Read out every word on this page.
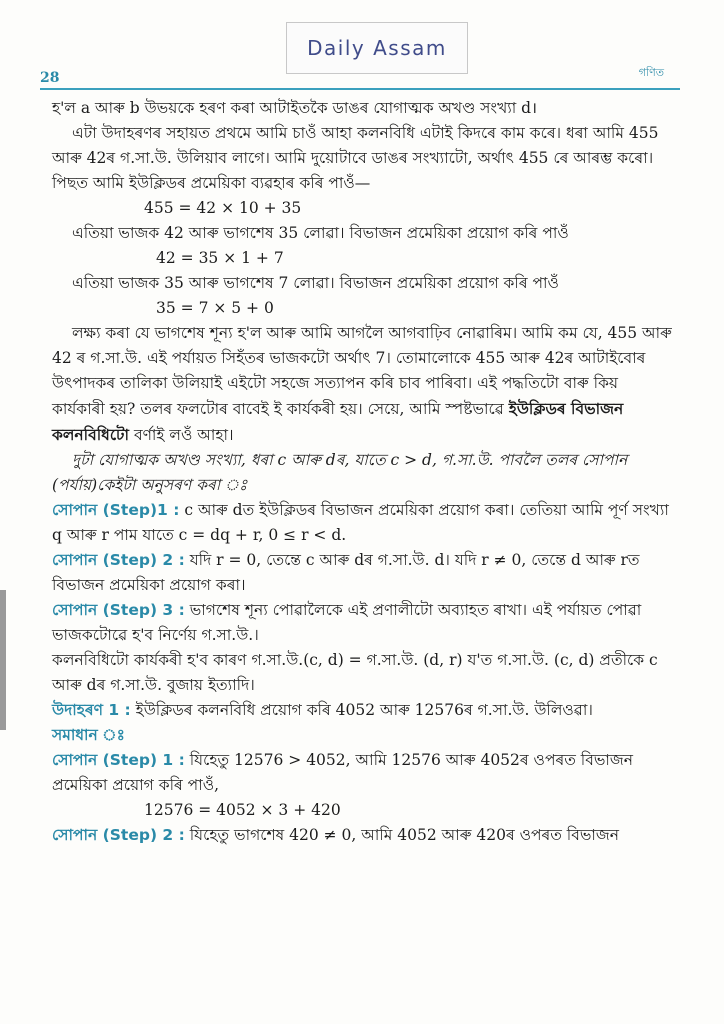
Daily Assam
28	গণিত

হ'ল a আৰু b উভয়কে হৰণ কৰা আটাইতকৈ ডাঙৰ যোগাত্মক অখণ্ড সংখ্যা d।

এটা উদাহৰণৰ সহায়ত প্ৰথমে আমি চাওঁ আহা কলনবিধি এটাই কিদৰে কাম কৰে। ধৰা আমি 455 আৰু 42ৰ গ.সা.উ. উলিয়াব লাগে। আমি দুয়োটাবে ডাঙৰ সংখ্যাটো, অৰ্থাৎ 455 ৰে আৰম্ভ কৰো। পিছত আমি ইউক্লিডৰ প্ৰমেয়িকা ব্যৱহাৰ কৰি পাওঁ—

455 = 42 × 10 + 35

এতিয়া ভাজক 42 আৰু ভাগশেষ 35 লোৱা। বিভাজন প্ৰমেয়িকা প্ৰয়োগ কৰি পাওঁ

42 = 35 × 1 + 7

এতিয়া ভাজক 35 আৰু ভাগশেষ 7 লোৱা। বিভাজন প্ৰমেয়িকা প্ৰয়োগ কৰি পাওঁ

35 = 7 × 5 + 0

লক্ষ্য কৰা যে ভাগশেষ শূন্য হ'ল আৰু আমি আগলৈ আগবাঢ়িব নোৱাৰিম। আমি কম যে, 455 আৰু 42 ৰ গ.সা.উ. এই পৰ্যায়ত সিহঁতৰ ভাজকটো অৰ্থাৎ 7। তোমালোকে 455 আৰু 42ৰ আটাইবোৰ উৎপাদকৰ তালিকা উলিয়াই এইটো সহজে সত্যাপন কৰি চাব পাৰিবা। এই পদ্ধতিটো বাৰু কিয় কাৰ্যকাৰী হয়? তলৰ ফলটোৰ বাবেই ই কাৰ্যকৰী হয়। সেয়ে, আমি স্পষ্টভাৱে ইউক্লিডৰ বিভাজন কলনবিধিটো বৰ্ণাই লওঁ আহা।

দুটা যোগাত্মক অখণ্ড সংখ্যা, ধৰা c আৰু dৰ, যাতে c > d, গ.সা.উ. পাবলৈ তলৰ সোপান (পৰ্যায়)কেইটা অনুসৰণ কৰা ঃ

সোপান (Step)1 : c আৰু dত ইউক্লিডৰ বিভাজন প্ৰমেয়িকা প্ৰয়োগ কৰা। তেতিয়া আমি পূৰ্ণ সংখ্যা q আৰু r পাম যাতে c = dq + r, 0 ≤ r < d.

সোপান (Step) 2 : যদি r = 0, তেন্তে c আৰু dৰ গ.সা.উ. d। যদি r ≠ 0, তেন্তে d আৰু rত বিভাজন প্ৰমেয়িকা প্ৰয়োগ কৰা।

সোপান (Step) 3 : ভাগশেষ শূন্য পোৱালৈকে এই প্ৰণালীটো অব্যাহত ৰাখা। এই পৰ্যায়ত পোৱা ভাজকটোৱে হ'ব নিৰ্ণেয় গ.সা.উ.।

কলনবিধিটো কাৰ্যকৰী হ'ব কাৰণ গ.সা.উ.(c, d) = গ.সা.উ. (d, r) য'ত গ.সা.উ. (c, d) প্ৰতীকে c আৰু dৰ গ.সা.উ. বুজায় ইত্যাদি।

উদাহৰণ 1 : ইউক্লিডৰ কলনবিধি প্ৰয়োগ কৰি 4052 আৰু 12576ৰ গ.সা.উ. উলিওৱা।

সমাধান ঃ

সোপান (Step) 1 : যিহেতু 12576 > 4052, আমি 12576 আৰু 4052ৰ ওপৰত বিভাজন প্ৰমেয়িকা প্ৰয়োগ কৰি পাওঁ,

12576 = 4052 × 3 + 420

সোপান (Step) 2 : যিহেতু ভাগশেষ 420 ≠ 0, আমি 4052 আৰু 420ৰ ওপৰত বিভাজন
